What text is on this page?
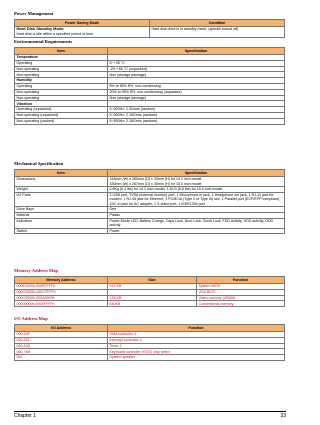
Power Management
Power Saving Mode	Condition

Hard Disk Standby Mode
Hard disk is idle within a specified period of time	Hard disk drive is in standby mode. (spindle turned off)
Environmental Requirements
Item	Specification
Temperature	
Operating	5~+35 °C
Non-operating	-20~+60 °C (unpacked)
Non-operating	Non (storage package)
Humidity	
Operating	5% to 90% RH, non-condensing
Non-operating	20% to 95% RH, non-condensing (unpacked)
Non-operating	Non (storage package)
Vibration	
Operating (unpacked)	5~500Hz: 1.0Grms (random)
Non-operating (unpacked)	5~500Hz: 2.16Grms (random)
Non-operating (packed)	5~500Hz: 2.16Grms (random)
Mechanical Specification
Item	Specification
Dimensions	315mm (W) x 260mm (D) x 33mm (H) for 14.1 inch model
330mm (W) x 267mm (D) x 35mm (H) for 15.0 inch model
Weight	2.8Kg (6.4 lbs) for 14.1 inch model; 3.1KG (6.8 lbs) for 15.0 inch model
I/O Ports	2 USB port, TVSA (external monitor) port, 1 Microphone-in jack, 1 Headphone out jack, 1 RJ-11 jack for modem, 1 RJ-45 jack for Ethernet, 1 PCMCIA (Type II or Type III) slot, 1 Parallel port (ECP/EPP compliant), 1DC-in jack for AC adapter, 1 S-video port, 1 IEEE1394 port
Drive Bays	One
Material	Plastic
Indicators	Power Mode LED, Battery Charge, Caps Lock, Num Lock, Scroll Lock, FDD activity, HDD activity, ODD activity
Switch	Power
Memory Address Map
Memory Address	Size	Function
000E0000h-000FFFFFh	512 KB	System BIOS
000C0000h-000CFFFFh		VGA BIOS
000C0000h-000A0000h	128 KB	Video memory (VRAM)
00000000h-0009FFFFh	640KB	Conventional memory
I/O Address Map
I/O Address	Function
000-00F	DMA controller-1
020-021	Interrupt controller-1
040-043	Timer 1
060, 064	Keyboard controller 8757D chip select
061	System speaker
Chapter 1	33
